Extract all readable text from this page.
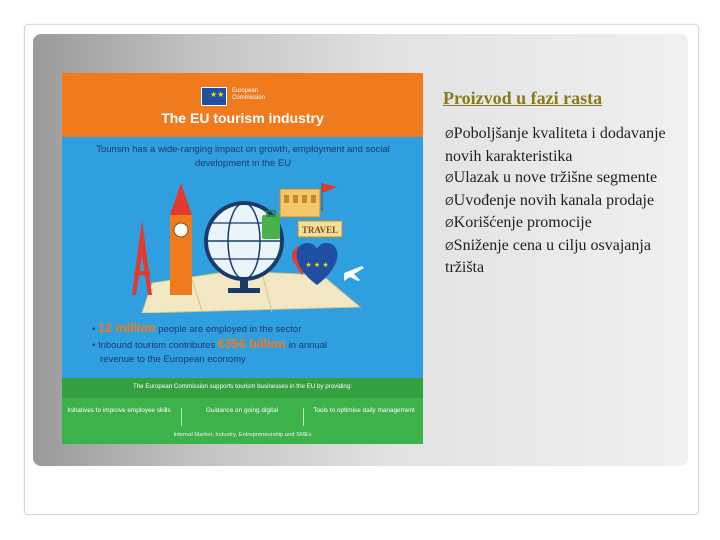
★★ European
Commission
The EU tourism industry
Tourism has a wide-ranging impact on growth, employment and social development in the EU
TRAVEL
★ ★ ★
• 12 million people are employed in the sector
• Inbound tourism contributes €356 billion in annual
revenue to the European economy
The European Commission supports tourism businesses in the EU by providing:
Initiatives to improve employee skills	Guidance on going digital	Tools to optimise daily management
Internal Market, Industry, Entrepreneurship and SMEs
Proizvod u fazi rasta
ØPoboljšanje kvaliteta i dodavanje novih karakteristika
ØUlazak u nove tržišne segmente
ØUvođenje novih kanala prodaje
ØKorišćenje promocije
ØSniženje cena u cilju osvajanja tržišta
